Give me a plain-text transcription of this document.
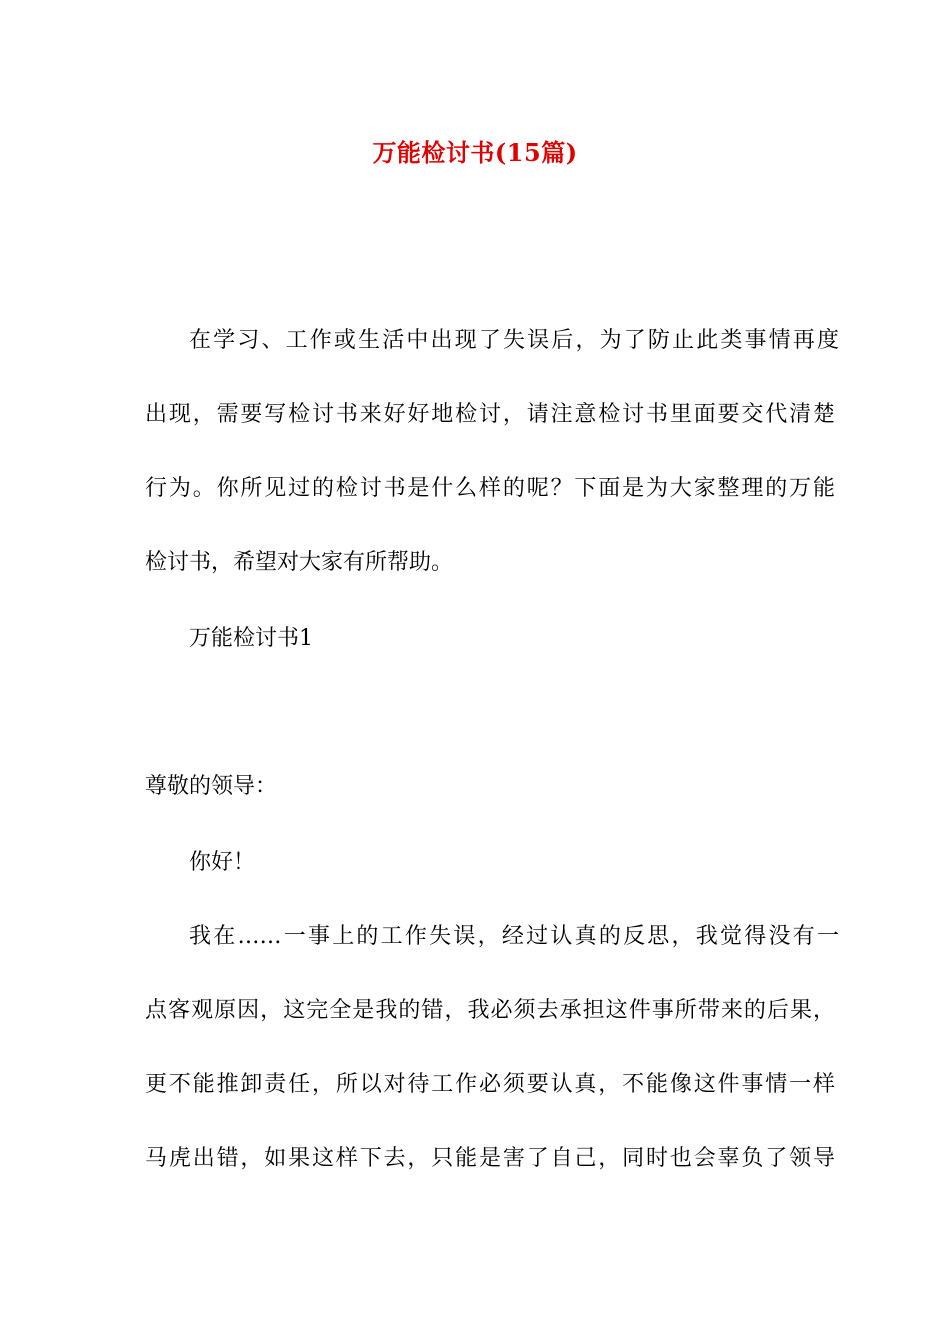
万能检讨书(15篇)
在学习、工作或生活中出现了失误后，为了防止此类事情再度
出现，需要写检讨书来好好地检讨，请注意检讨书里面要交代清楚
行为。你所见过的检讨书是什么样的呢？下面是为大家整理的万能
检讨书，希望对大家有所帮助。
万能检讨书1
尊敬的领导：
你好！
我在……一事上的工作失误，经过认真的反思，我觉得没有一
点客观原因，这完全是我的错，我必须去承担这件事所带来的后果，
更不能推卸责任，所以对待工作必须要认真，不能像这件事情一样
马虎出错，如果这样下去，只能是害了自己，同时也会辜负了领导
